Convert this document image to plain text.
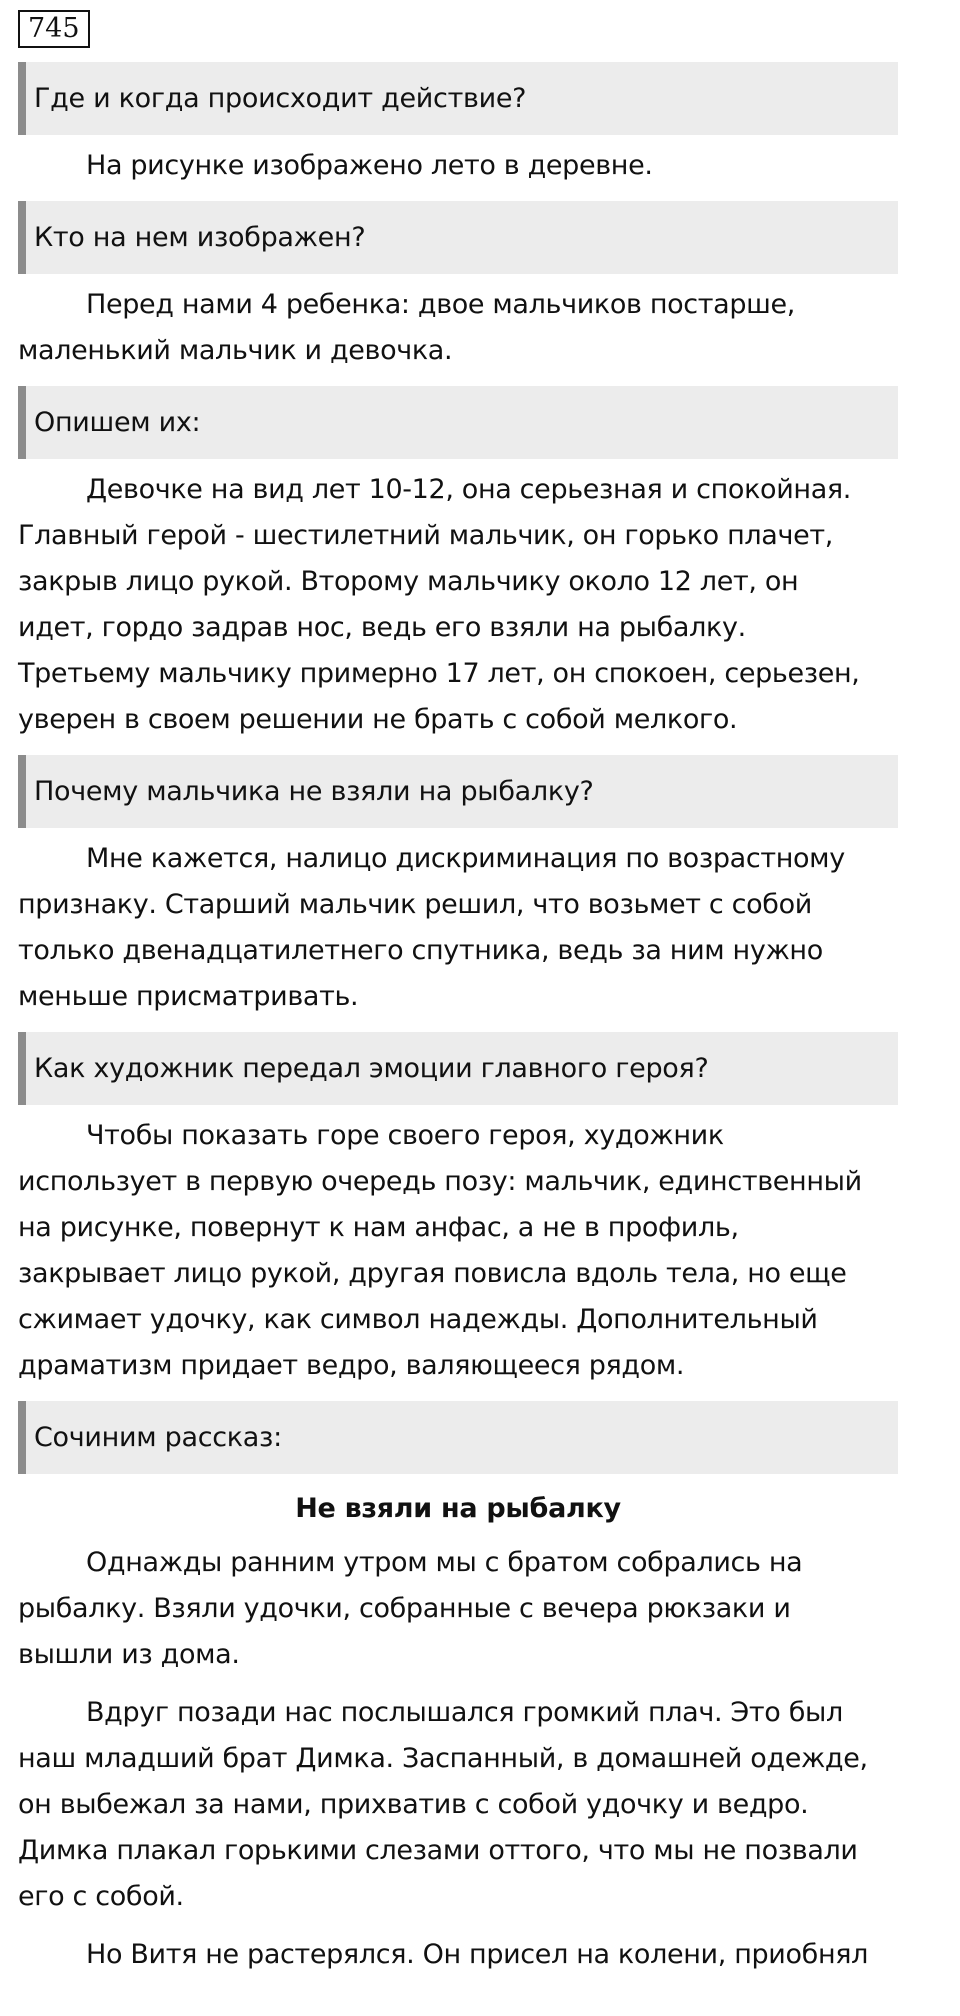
745
Где и когда происходит действие?
На рисунке изображено лето в деревне.
Кто на нем изображен?
Перед нами 4 ребенка: двое мальчиков постарше,
маленький мальчик и девочка.
Опишем их:
Девочке на вид лет 10-12, она серьезная и спокойная.
Главный герой - шестилетний мальчик, он горько плачет,
закрыв лицо рукой. Второму мальчику около 12 лет, он
идет, гордо задрав нос, ведь его взяли на рыбалку.
Третьему мальчику примерно 17 лет, он спокоен, серьезен,
уверен в своем решении не брать с собой мелкого.
Почему мальчика не взяли на рыбалку?
Мне кажется, налицо дискриминация по возрастному
признаку. Старший мальчик решил, что возьмет с собой
только двенадцатилетнего спутника, ведь за ним нужно
меньше присматривать.
Как художник передал эмоции главного героя?
Чтобы показать горе своего героя, художник
использует в первую очередь позу: мальчик, единственный
на рисунке, повернут к нам анфас, а не в профиль,
закрывает лицо рукой, другая повисла вдоль тела, но еще
сжимает удочку, как символ надежды. Дополнительный
драматизм придает ведро, валяющееся рядом.
Сочиним рассказ:
Не взяли на рыбалку
Однажды ранним утром мы с братом собрались на
рыбалку. Взяли удочки, собранные с вечера рюкзаки и
вышли из дома.
Вдруг позади нас послышался громкий плач. Это был
наш младший брат Димка. Заспанный, в домашней одежде,
он выбежал за нами, прихватив с собой удочку и ведро.
Димка плакал горькими слезами оттого, что мы не позвали
его с собой.
Но Витя не растерялся. Он присел на колени, приобнял
